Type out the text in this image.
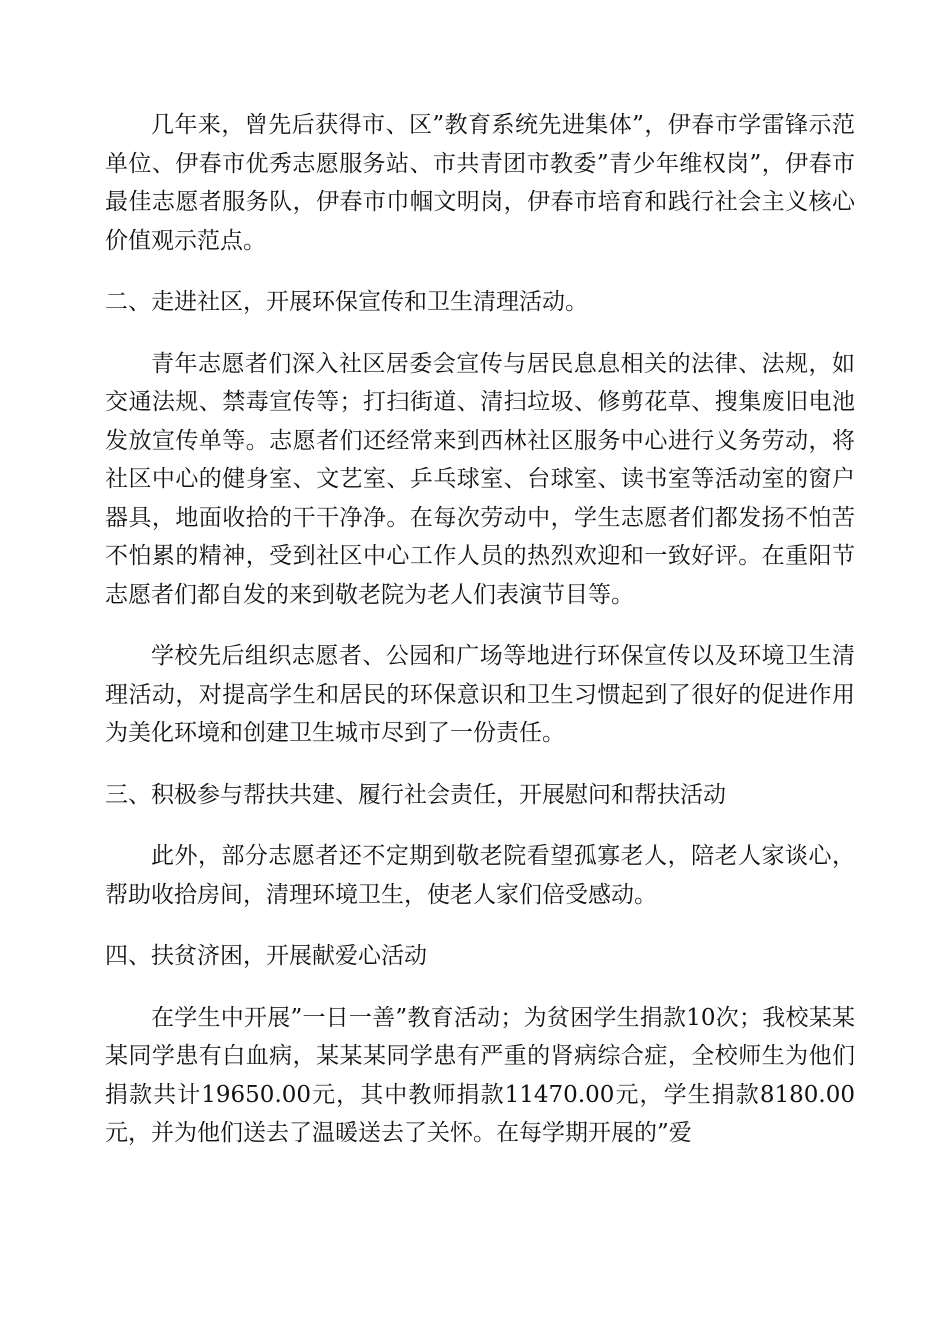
几年来，曾先后获得市、区”教育系统先进集体”，伊春市学雷锋示范单位、伊春市优秀志愿服务站、市共青团市教委”青少年维权岗”，伊春市最佳志愿者服务队，伊春市巾帼文明岗，伊春市培育和践行社会主义核心价值观示范点。

二、走进社区，开展环保宣传和卫生清理活动。

青年志愿者们深入社区居委会宣传与居民息息相关的法律、法规，如交通法规、禁毒宣传等；打扫街道、清扫垃圾、修剪花草、搜集废旧电池发放宣传单等。志愿者们还经常来到西林社区服务中心进行义务劳动，将社区中心的健身室、文艺室、乒乓球室、台球室、读书室等活动室的窗户器具，地面收拾的干干净净。在每次劳动中，学生志愿者们都发扬不怕苦不怕累的精神，受到社区中心工作人员的热烈欢迎和一致好评。在重阳节志愿者们都自发的来到敬老院为老人们表演节目等。

学校先后组织志愿者、公园和广场等地进行环保宣传以及环境卫生清理活动，对提高学生和居民的环保意识和卫生习惯起到了很好的促进作用为美化环境和创建卫生城市尽到了一份责任。

三、积极参与帮扶共建、履行社会责任，开展慰问和帮扶活动

此外，部分志愿者还不定期到敬老院看望孤寡老人，陪老人家谈心，帮助收拾房间，清理环境卫生，使老人家们倍受感动。

四、扶贫济困，开展献爱心活动

在学生中开展”一日一善”教育活动；为贫困学生捐款10次；我校某某某同学患有白血病，某某某同学患有严重的肾病综合症，全校师生为他们捐款共计19650.00元，其中教师捐款11470.00元，学生捐款8180.00元，并为他们送去了温暖送去了关怀。在每学期开展的”爱
